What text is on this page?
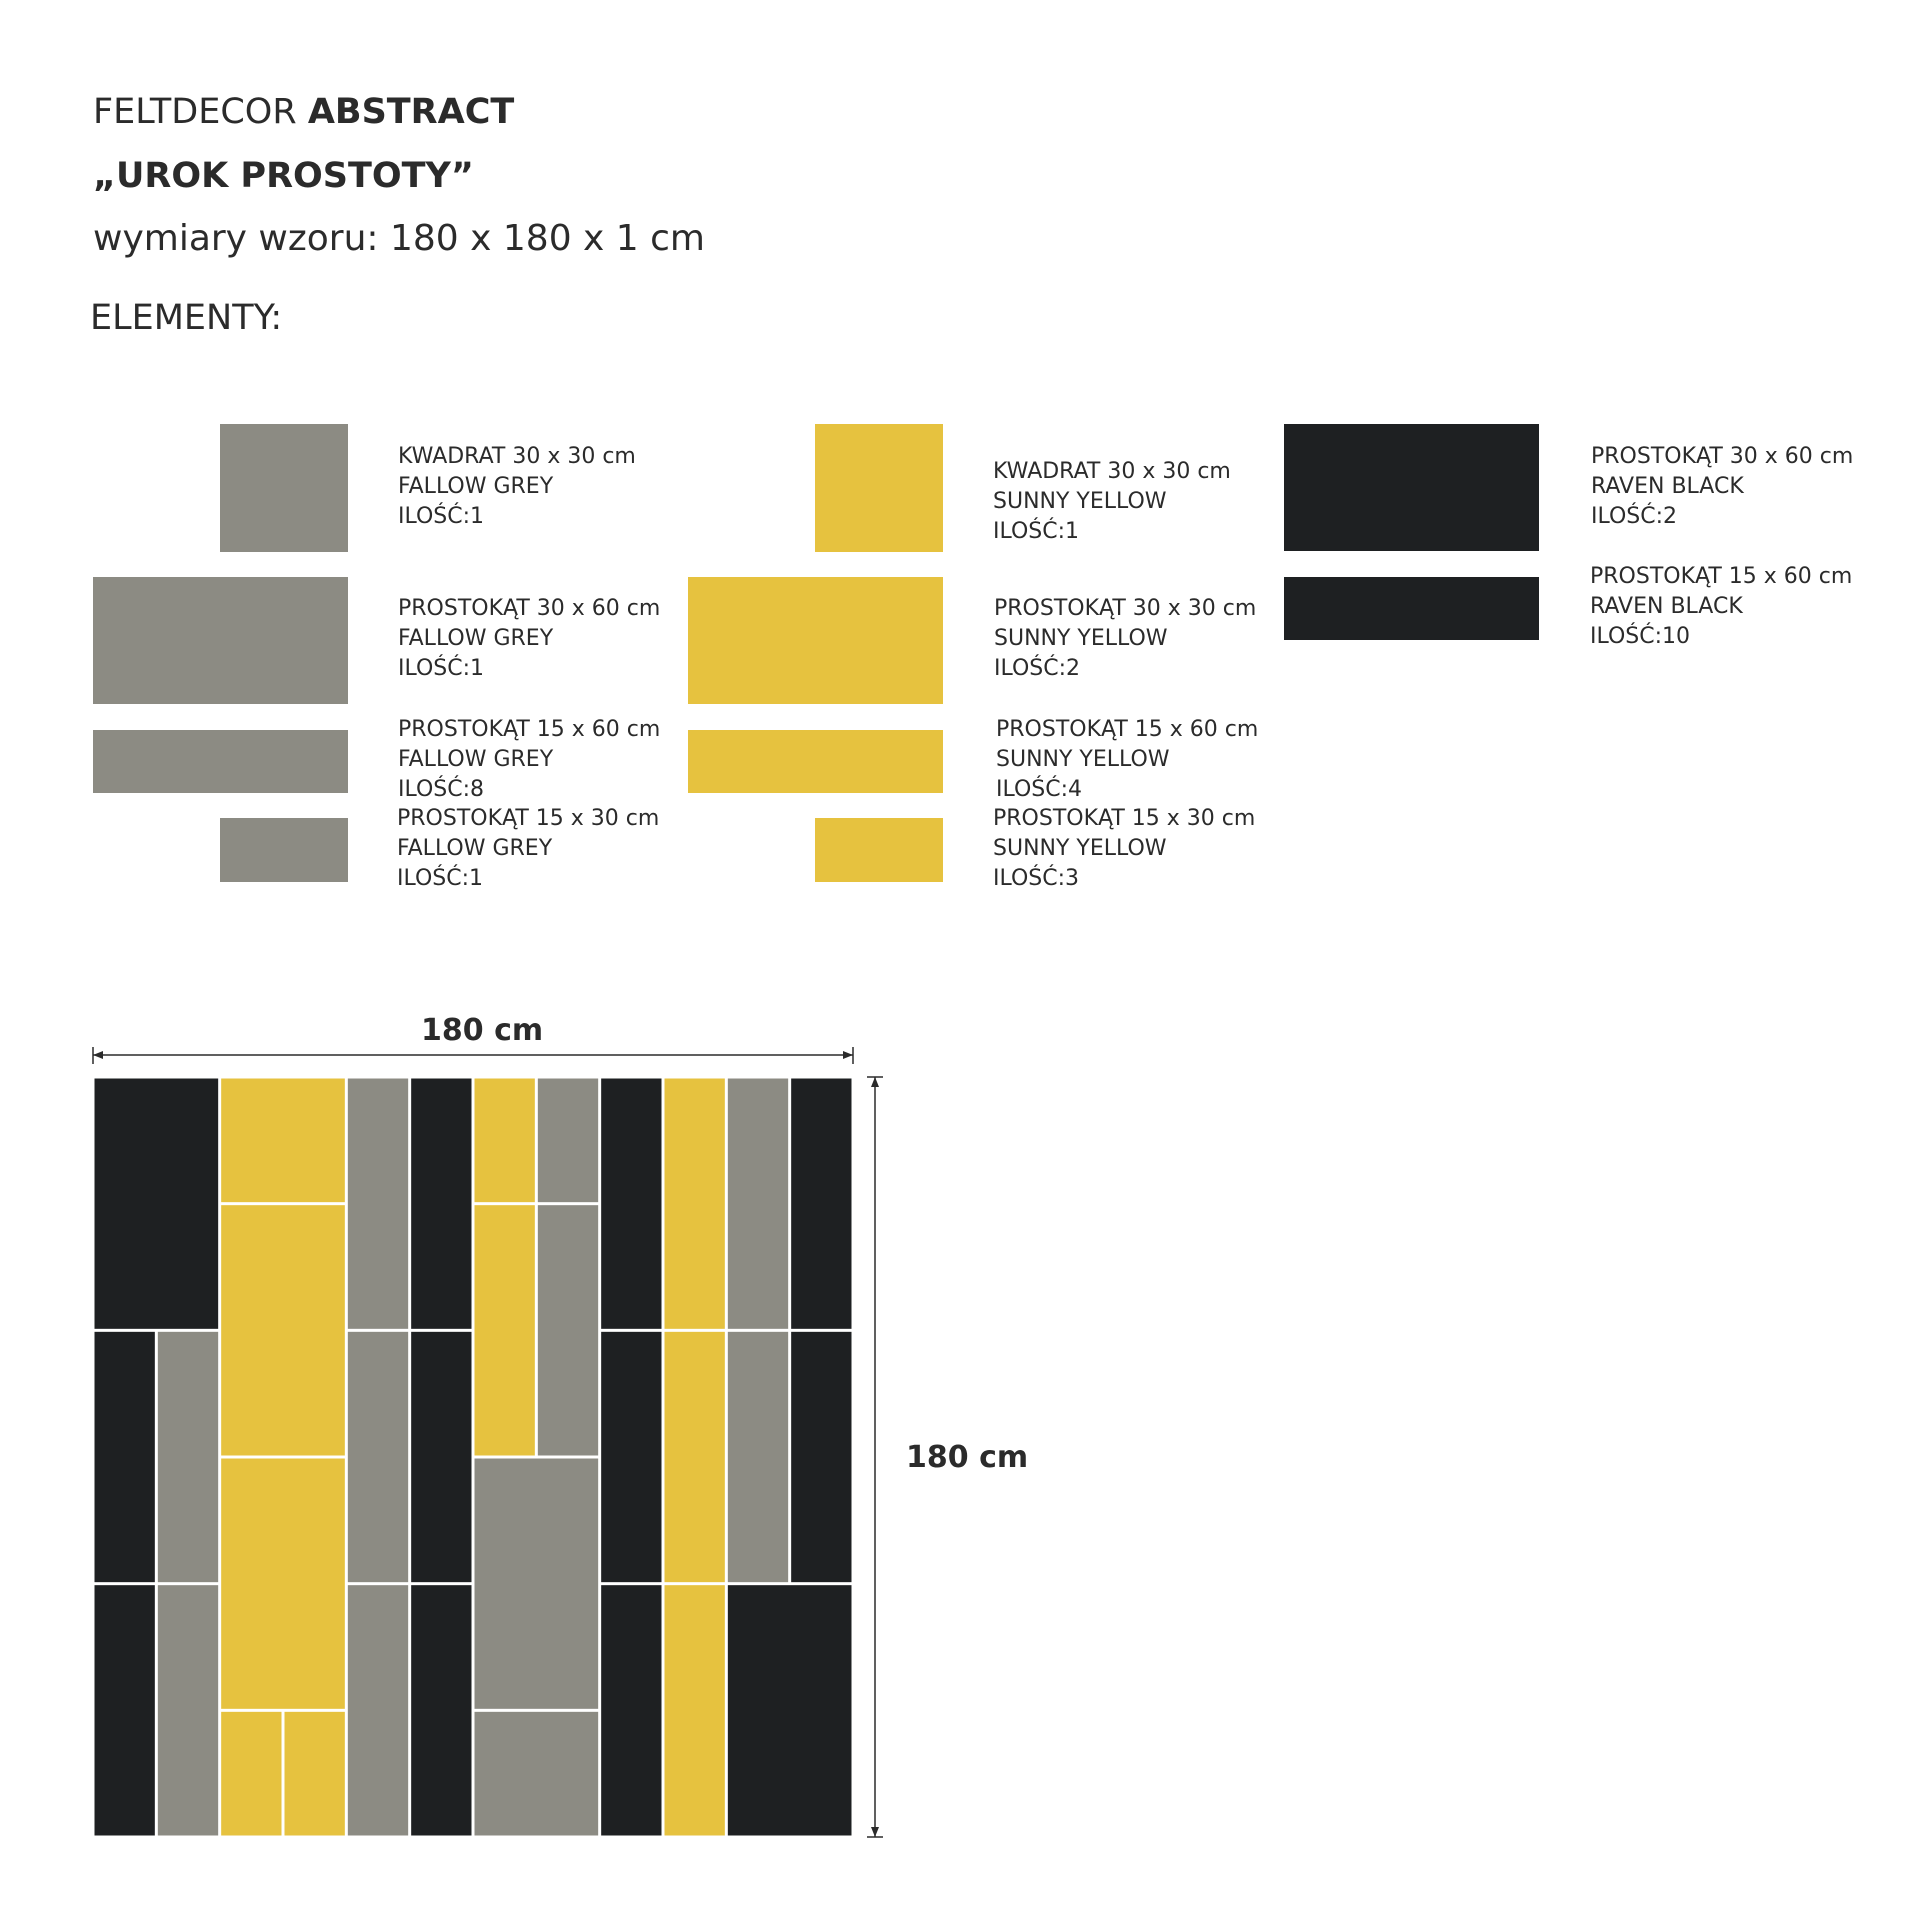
FELTDECOR ABSTRACT
„UROK PROSTOTY”
wymiary wzoru: 180 x 180 x 1 cm
ELEMENTY:
KWADRAT 30 x 30 cm
FALLOW GREY
ILOŚĆ:1
PROSTOKĄT 30 x 60 cm
FALLOW GREY
ILOŚĆ:1
PROSTOKĄT 15 x 60 cm
FALLOW GREY
ILOŚĆ:8
PROSTOKĄT 15 x 30 cm
FALLOW GREY
ILOŚĆ:1
KWADRAT 30 x 30 cm
SUNNY YELLOW
ILOŚĆ:1
PROSTOKĄT 30 x 30 cm
SUNNY YELLOW
ILOŚĆ:2
PROSTOKĄT 15 x 60 cm
SUNNY YELLOW
ILOŚĆ:4
PROSTOKĄT 15 x 30 cm
SUNNY YELLOW
ILOŚĆ:3
PROSTOKĄT 30 x 60 cm
RAVEN BLACK
ILOŚĆ:2
PROSTOKĄT 15 x 60 cm
RAVEN BLACK
ILOŚĆ:10
180 cm
180 cm
